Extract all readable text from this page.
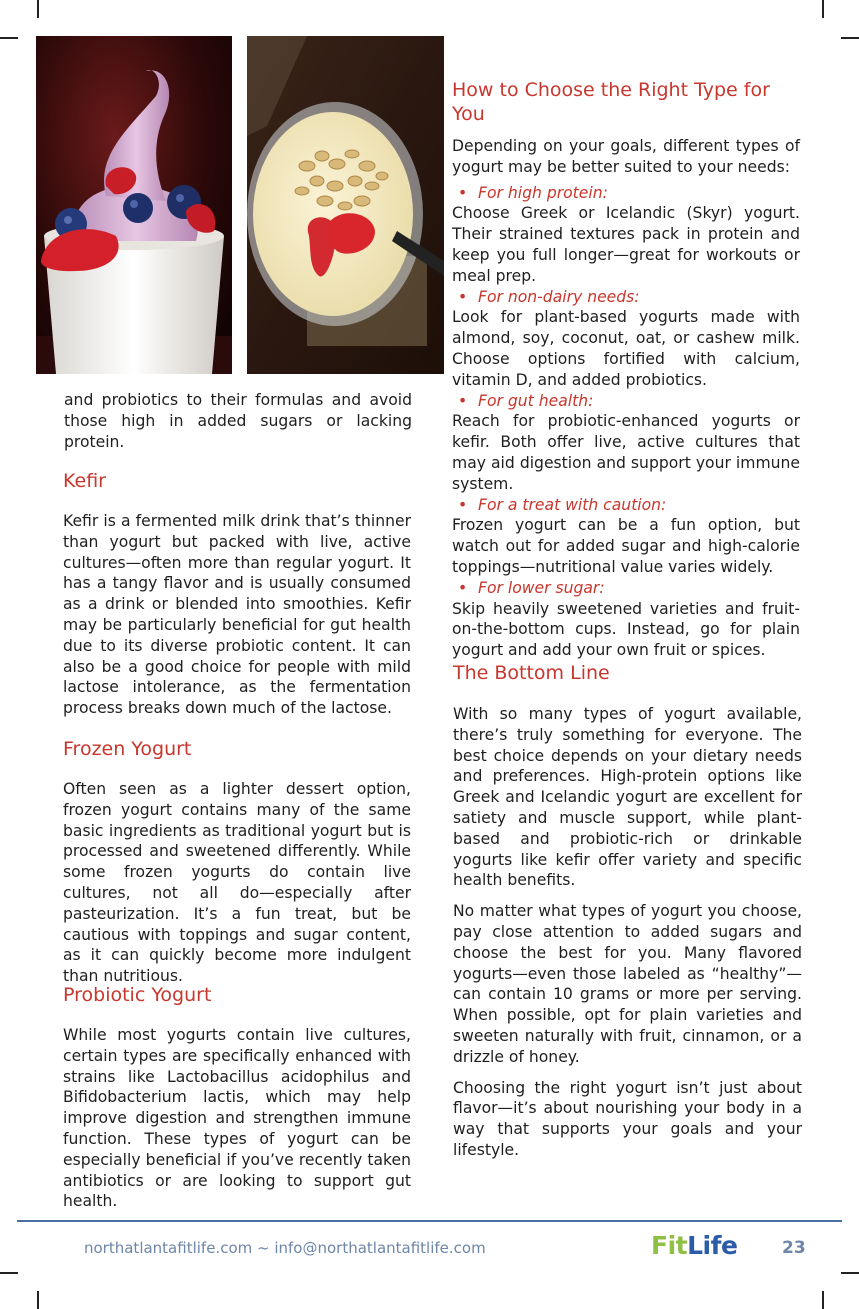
and probiotics to their formulas and avoid those high in added sugars or lacking protein.

Kefir

Kefir is a fermented milk drink that’s thinner than yogurt but packed with live, active cultures—often more than regular yogurt. It has a tangy flavor and is usually consumed as a drink or blended into smoothies. Kefir may be particularly beneficial for gut health due to its diverse probiotic content. It can also be a good choice for people with mild lactose intolerance, as the fermentation process breaks down much of the lactose.

Frozen Yogurt

Often seen as a lighter dessert option, frozen yogurt contains many of the same basic ingredients as traditional yogurt but is processed and sweetened differently. While some frozen yogurts do contain live cultures, not all do—especially after pasteurization. It’s a fun treat, but be cautious with toppings and sugar content, as it can quickly become more indulgent than nutritious.

Probiotic Yogurt

While most yogurts contain live cultures, certain types are specifically enhanced with strains like Lactobacillus acidophilus and Bifidobacterium lactis, which may help improve digestion and strengthen immune function. These types of yogurt can be especially beneficial if you’ve recently taken antibiotics or are looking to support gut health.

How to Choose the Right Type for You

Depending on your goals, different types of yogurt may be better suited to your needs:

• For high protein:

Choose Greek or Icelandic (Skyr) yogurt. Their strained textures pack in protein and keep you full longer—great for workouts or meal prep.

• For non-dairy needs:

Look for plant-based yogurts made with almond, soy, coconut, oat, or cashew milk. Choose options fortified with calcium, vitamin D, and added probiotics.

• For gut health:

Reach for probiotic-enhanced yogurts or kefir. Both offer live, active cultures that may aid digestion and support your immune system.

• For a treat with caution:

Frozen yogurt can be a fun option, but watch out for added sugar and high-calorie toppings—nutritional value varies widely.

• For lower sugar:

Skip heavily sweetened varieties and fruit-on-the-bottom cups. Instead, go for plain yogurt and add your own fruit or spices.

The Bottom Line

With so many types of yogurt available, there’s truly something for everyone. The best choice depends on your dietary needs and preferences. High-protein options like Greek and Icelandic yogurt are excellent for satiety and muscle support, while plant-based and probiotic-rich or drinkable yogurts like kefir offer variety and specific health benefits.

No matter what types of yogurt you choose, pay close attention to added sugars and choose the best for you. Many flavored yogurts—even those labeled as “healthy”—can contain 10 grams or more per serving. When possible, opt for plain varieties and sweeten naturally with fruit, cinnamon, or a drizzle of honey.

Choosing the right yogurt isn’t just about flavor—it’s about nourishing your body in a way that supports your goals and your lifestyle.

northatlantafitlife.com ~ info@northatlantafitlife.com	FitLife	23
